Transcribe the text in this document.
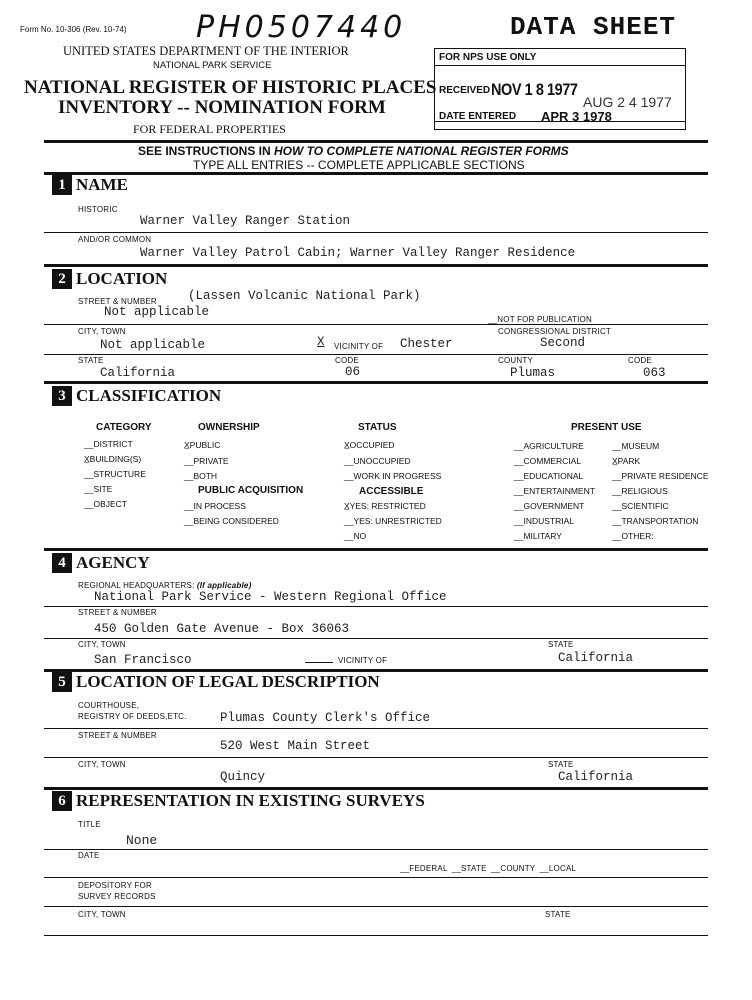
Form No. 10-306 (Rev. 10-74) PH0507440	DATA SHEET
UNITED STATES DEPARTMENT OF THE INTERIOR
NATIONAL PARK SERVICE
NATIONAL REGISTER OF HISTORIC PLACES
INVENTORY -- NOMINATION FORM
FOR FEDERAL PROPERTIES
FOR NPS USE ONLY
RECEIVED NOV 1 8 1977
AUG 2 4 1977
DATE ENTERED APR 3 1978
SEE INSTRUCTIONS IN HOW TO COMPLETE NATIONAL REGISTER FORMS
TYPE ALL ENTRIES -- COMPLETE APPLICABLE SECTIONS
1 NAME
HISTORIC
Warner Valley Ranger Station
AND/OR COMMON
Warner Valley Patrol Cabin; Warner Valley Ranger Residence
2 LOCATION
STREET & NUMBER (Lassen Volcanic National Park)
Not applicable
__NOT FOR PUBLICATION
CITY, TOWN	CONGRESSIONAL DISTRICT
Not applicable	X VICINITY OF Chester	Second
STATE	CODE	COUNTY	CODE
California	06	Plumas	063
3 CLASSIFICATION
CATEGORY	OWNERSHIP	STATUS	PRESENT USE
__DISTRICT
X̲BUILDING(S)
__STRUCTURE
__SITE
__OBJECT
X̲PUBLIC
__PRIVATE
__BOTH
PUBLIC ACQUISITION
__IN PROCESS
__BEING CONSIDERED
X̲OCCUPIED
__UNOCCUPIED
__WORK IN PROGRESS
ACCESSIBLE
X̲YES: RESTRICTED
__YES: UNRESTRICTED
__NO
__AGRICULTURE
__COMMERCIAL
__EDUCATIONAL
__ENTERTAINMENT
__GOVERNMENT
__INDUSTRIAL
__MILITARY
__MUSEUM
X̲PARK
__PRIVATE RESIDENCE
__RELIGIOUS
__SCIENTIFIC
__TRANSPORTATION
__OTHER:
4 AGENCY
REGIONAL HEADQUARTERS: (If applicable)
National Park Service - Western Regional Office
STREET & NUMBER
450 Golden Gate Avenue - Box 36063
CITY, TOWN	STATE
San Francisco	VICINITY OF	California
5 LOCATION OF LEGAL DESCRIPTION
COURTHOUSE,
REGISTRY OF DEEDS,ETC.	Plumas County Clerk's Office
STREET & NUMBER
520 West Main Street
CITY, TOWN	STATE
Quincy	California
6 REPRESENTATION IN EXISTING SURVEYS
TITLE
None
DATE
__FEDERAL __STATE __COUNTY __LOCAL
DEPOSITORY FOR
SURVEY RECORDS
CITY, TOWN	STATE
